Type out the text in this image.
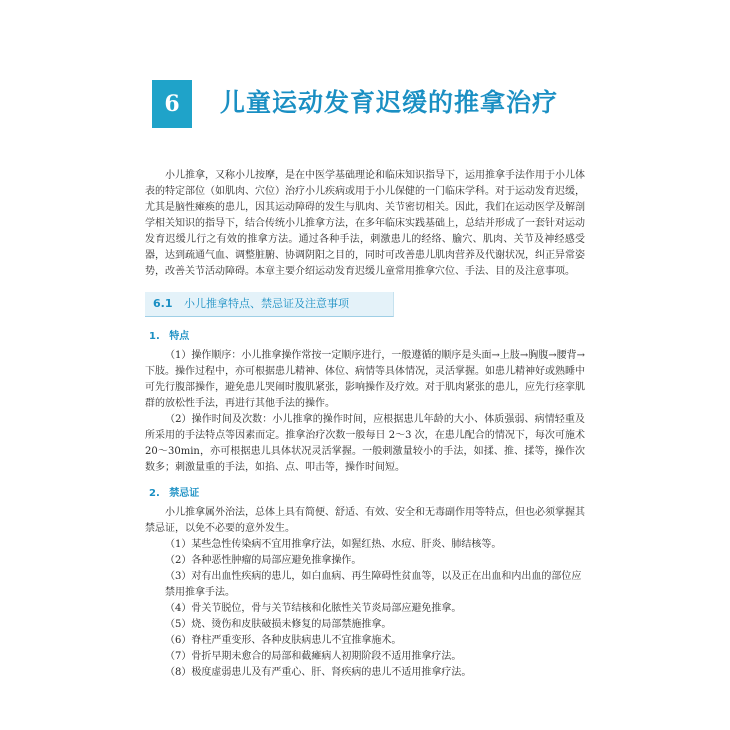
6	儿童运动发育迟缓的推拿治疗

小儿推拿，又称小儿按摩，是在中医学基础理论和临床知识指导下，运用推拿手法作用于小儿体表的特定部位（如肌肉、穴位）治疗小儿疾病或用于小儿保健的一门临床学科。对于运动发育迟缓，尤其是脑性瘫痪的患儿，因其运动障碍的发生与肌肉、关节密切相关。因此，我们在运动医学及解剖学相关知识的指导下，结合传统小儿推拿方法，在多年临床实践基础上，总结并形成了一套针对运动发育迟缓儿行之有效的推拿方法。通过各种手法，刺激患儿的经络、腧穴、肌肉、关节及神经感受器，达到疏通气血、调整脏腑、协调阴阳之目的，同时可改善患儿肌肉营养及代谢状况，纠正异常姿势，改善关节活动障碍。本章主要介绍运动发育迟缓儿童常用推拿穴位、手法、目的及注意事项。

6.1 小儿推拿特点、禁忌证及注意事项
1. 特点

（1）操作顺序：小儿推拿操作常按一定顺序进行，一般遵循的顺序是头面→上肢→胸腹→腰背→下肢。操作过程中，亦可根据患儿精神、体位、病情等具体情况，灵活掌握。如患儿精神好或熟睡中可先行腹部操作，避免患儿哭闹时腹肌紧张，影响操作及疗效。对于肌肉紧张的患儿，应先行痉挛肌群的放松性手法，再进行其他手法的操作。

（2）操作时间及次数：小儿推拿的操作时间，应根据患儿年龄的大小、体质强弱、病情轻重及所采用的手法特点等因素而定。推拿治疗次数一般每日 2～3 次，在患儿配合的情况下，每次可施术 20～30min，亦可根据患儿具体状况灵活掌握。一般刺激量较小的手法，如揉、推、揉等，操作次数多；刺激量重的手法，如掐、点、叩击等，操作时间短。

2. 禁忌证

小儿推拿属外治法，总体上具有简便、舒适、有效、安全和无毒副作用等特点，但也必须掌握其禁忌证，以免不必要的意外发生。

（1）某些急性传染病不宜用推拿疗法，如猩红热、水痘、肝炎、肺结核等。
（2）各种恶性肿瘤的局部应避免推拿操作。
（3）对有出血性疾病的患儿，如白血病、再生障碍性贫血等，以及正在出血和内出血的部位应禁用推拿手法。
（4）骨关节脱位，骨与关节结核和化脓性关节炎局部应避免推拿。
（5）烧、烫伤和皮肤破损未修复的局部禁施推拿。
（6）脊柱严重变形、各种皮肤病患儿不宜推拿施术。
（7）骨折早期未愈合的局部和截瘫病人初期阶段不适用推拿疗法。
（8）极度虚弱患儿及有严重心、肝、肾疾病的患儿不适用推拿疗法。
